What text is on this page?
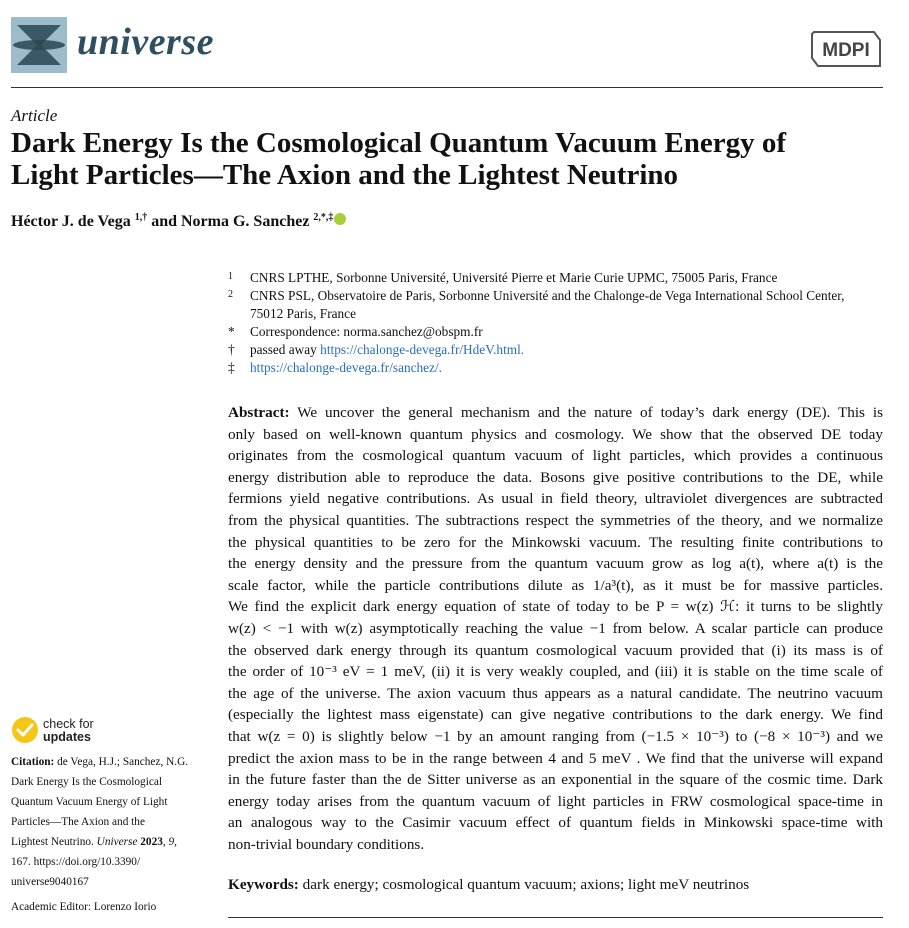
universe	MDPI
Article
Dark Energy Is the Cosmological Quantum Vacuum Energy of
Light Particles—The Axion and the Lightest Neutrino
Héctor J. de Vega $^{1,\dagger}$ and Norma G. Sanchez $^{2,*,\ddagger}$
1	CNRS LPTHE, Sorbonne Université, Université Pierre et Marie Curie UPMC, 75005 Paris, France
2	CNRS PSL, Observatoire de Paris, Sorbonne Université and the Chalonge-de Vega International School Center,
75012 Paris, France
* Correspondence: norma.sanchez@obspm.fr
† passed away https://chalonge-devega.fr/HdeV.html.
‡ https://chalonge-devega.fr/sanchez/.
Abstract: We uncover the general mechanism and the nature of today’s dark energy (DE). This is
only based on well-known quantum physics and cosmology. We show that the observed DE today
originates from the cosmological quantum vacuum of light particles, which provides a continuous
energy distribution able to reproduce the data. Bosons give positive contributions to the DE, while
fermions yield negative contributions. As usual in field theory, ultraviolet divergences are subtracted
from the physical quantities. The subtractions respect the symmetries of the theory, and we normalize
the physical quantities to be zero for the Minkowski vacuum. The resulting finite contributions to
the energy density and the pressure from the quantum vacuum grow as log a(t), where a(t) is the
scale factor, while the particle contributions dilute as 1/a³(t), as it must be for massive particles.
We find the explicit dark energy equation of state of today to be P = w(z) ℋ: it turns to be slightly
w(z) < −1 with w(z) asymptotically reaching the value −1 from below. A scalar particle can produce
the observed dark energy through its quantum cosmological vacuum provided that (i) its mass is of
the order of 10⁻³ eV = 1 meV, (ii) it is very weakly coupled, and (iii) it is stable on the time scale of
the age of the universe. The axion vacuum thus appears as a natural candidate. The neutrino vacuum
(especially the lightest mass eigenstate) can give negative contributions to the dark energy. We find
that w(z = 0) is slightly below −1 by an amount ranging from (−1.5 × 10⁻³) to (−8 × 10⁻³) and we
predict the axion mass to be in the range between 4 and 5 meV . We find that the universe will expand
in the future faster than the de Sitter universe as an exponential in the square of the cosmic time. Dark
energy today arises from the quantum vacuum of light particles in FRW cosmological space-time in
an analogous way to the Casimir vacuum effect of quantum fields in Minkowski space-time with
non-trivial boundary conditions.
Keywords: dark energy; cosmological quantum vacuum; axions; light meV neutrinos
check for
updates
Citation: de Vega, H.J.; Sanchez, N.G.
Dark Energy Is the Cosmological
Quantum Vacuum Energy of Light
Particles—The Axion and the
Lightest Neutrino. Universe 2023, 9,
167. https://doi.org/10.3390/
universe9040167
Academic Editor: Lorenzo Iorio
